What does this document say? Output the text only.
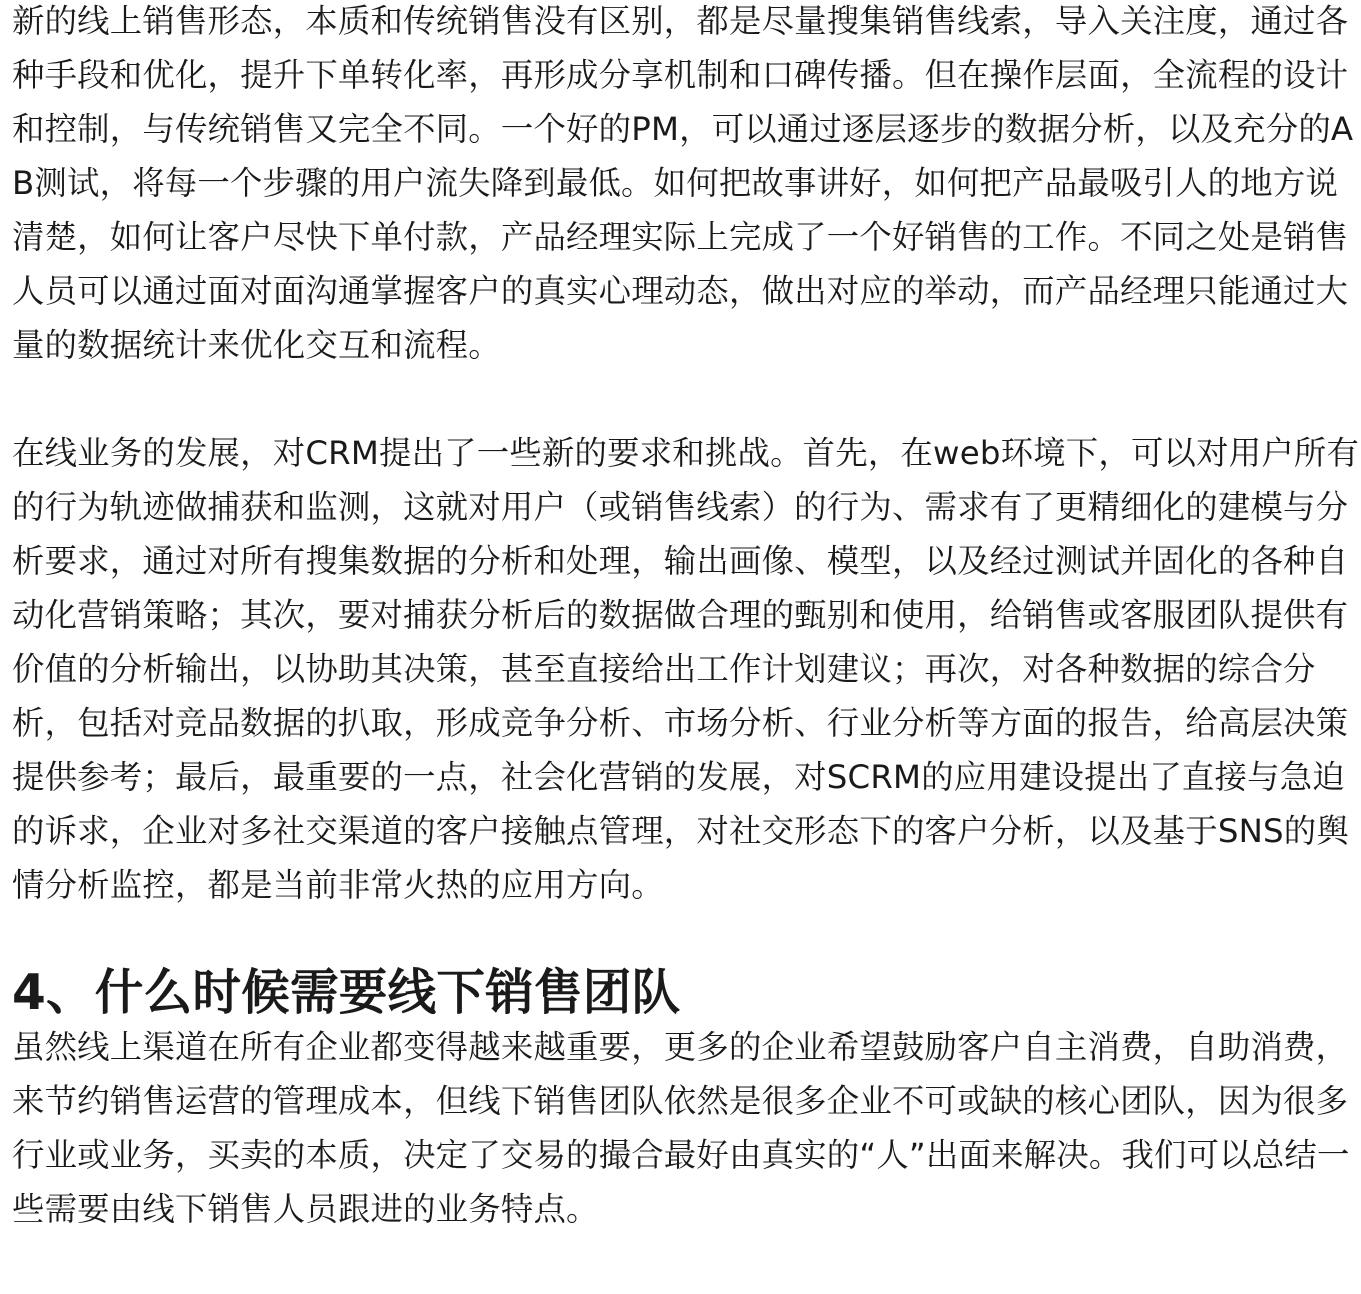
新的线上销售形态，本质和传统销售没有区别，都是尽量搜集销售线索，导入关注度，通过各种手段和优化，提升下单转化率，再形成分享机制和口碑传播。但在操作层面，全流程的设计和控制，与传统销售又完全不同。一个好的PM，可以通过逐层逐步的数据分析，以及充分的AB测试，将每一个步骤的用户流失降到最低。如何把故事讲好，如何把产品最吸引人的地方说清楚，如何让客户尽快下单付款，产品经理实际上完成了一个好销售的工作。不同之处是销售人员可以通过面对面沟通掌握客户的真实心理动态，做出对应的举动，而产品经理只能通过大量的数据统计来优化交互和流程。

在线业务的发展，对CRM提出了一些新的要求和挑战。首先，在web环境下，可以对用户所有的行为轨迹做捕获和监测，这就对用户（或销售线索）的行为、需求有了更精细化的建模与分析要求，通过对所有搜集数据的分析和处理，输出画像、模型，以及经过测试并固化的各种自动化营销策略；其次，要对捕获分析后的数据做合理的甄别和使用，给销售或客服团队提供有价值的分析输出，以协助其决策，甚至直接给出工作计划建议；再次，对各种数据的综合分析，包括对竞品数据的扒取，形成竞争分析、市场分析、行业分析等方面的报告，给高层决策提供参考；最后，最重要的一点，社会化营销的发展，对SCRM的应用建设提出了直接与急迫的诉求，企业对多社交渠道的客户接触点管理，对社交形态下的客户分析，以及基于SNS的舆情分析监控，都是当前非常火热的应用方向。

4、什么时候需要线下销售团队

虽然线上渠道在所有企业都变得越来越重要，更多的企业希望鼓励客户自主消费，自助消费，来节约销售运营的管理成本，但线下销售团队依然是很多企业不可或缺的核心团队，因为很多行业或业务，买卖的本质，决定了交易的撮合最好由真实的“人”出面来解决。我们可以总结一些需要由线下销售人员跟进的业务特点。
